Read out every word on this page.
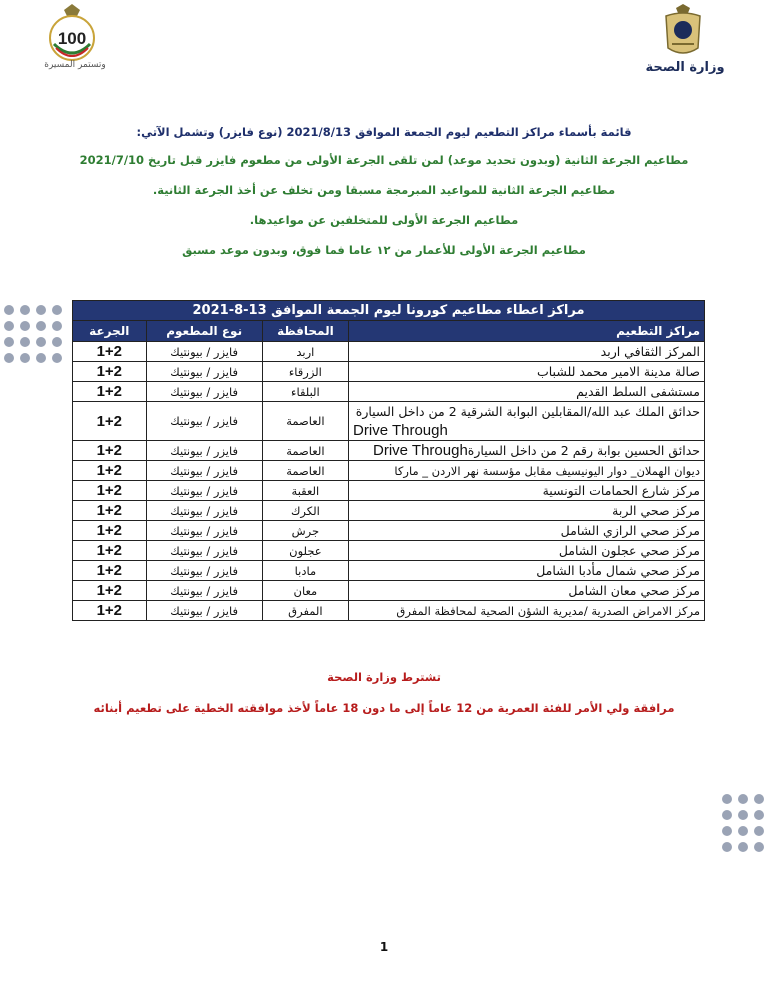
100
وتستمر المسيرة	وزارة الصحة
قائمة بأسماء مراكز التطعيم ليوم الجمعة الموافق 2021/8/13 (نوع فايزر) وتشمل الآتي:
مطاعيم الجرعة الثانية (وبدون تحديد موعد) لمن تلقى الجرعة الأولى من مطعوم فايزر قبل تاريخ 2021/7/10
مطاعيم الجرعة الثانية للمواعيد المبرمجة مسبقا ومن تخلف عن أخذ الجرعة الثانية.
مطاعيم الجرعة الأولى للمتخلفين عن مواعيدها.
مطاعيم الجرعة الأولى للأعمار من ١٢ عاما فما فوق، وبدون موعد مسبق
مراكز اعطاء مطاعيم كورونا ليوم الجمعة الموافق 13-8-2021			
مراكز التطعيم	المحافظة	نوع المطعوم	الجرعة
المركز الثقافي اربد	اربد	فايزر / بيونتيك	1+2
صالة مدينة الامير محمد للشباب	الزرقاء	فايزر / بيونتيك	1+2
مستشفى السلط القديم	البلقاء	فايزر / بيونتيك	1+2

حدائق الملك عبد الله/المقابلين البوابة الشرقية 2 من داخل السيارة
Drive Through	العاصمة	فايزر / بيونتيك	1+2
حدائق الحسين بوابة رقم 2 من داخل السيارةDrive Through	العاصمة	فايزر / بيونتيك	1+2
ديوان الهملان_ دوار اليونيسيف مقابل مؤسسة نهر الاردن _ ماركا	العاصمة	فايزر / بيونتيك	1+2
مركز شارع الحمامات التونسية	العقبة	فايزر / بيونتيك	1+2
مركز صحي الربة	الكرك	فايزر / بيونتيك	1+2
مركز صحي الرازي الشامل	جرش	فايزر / بيونتيك	1+2
مركز صحي عجلون الشامل	عجلون	فايزر / بيونتيك	1+2
مركز صحي شمال مأدبا الشامل	مادبا	فايزر / بيونتيك	1+2
مركز صحي معان الشامل	معان	فايزر / بيونتيك	1+2
مركز الامراض الصدرية /مديرية الشؤن الصحية لمحافظة المفرق	المفرق	فايزر / بيونتيك	1+2
تشترط وزارة الصحة
مرافقة ولي الأمر للفئة العمرية من 12 عاماً إلى ما دون 18 عاماً لأخذ موافقته الخطية على تطعيم أبنائه
1
